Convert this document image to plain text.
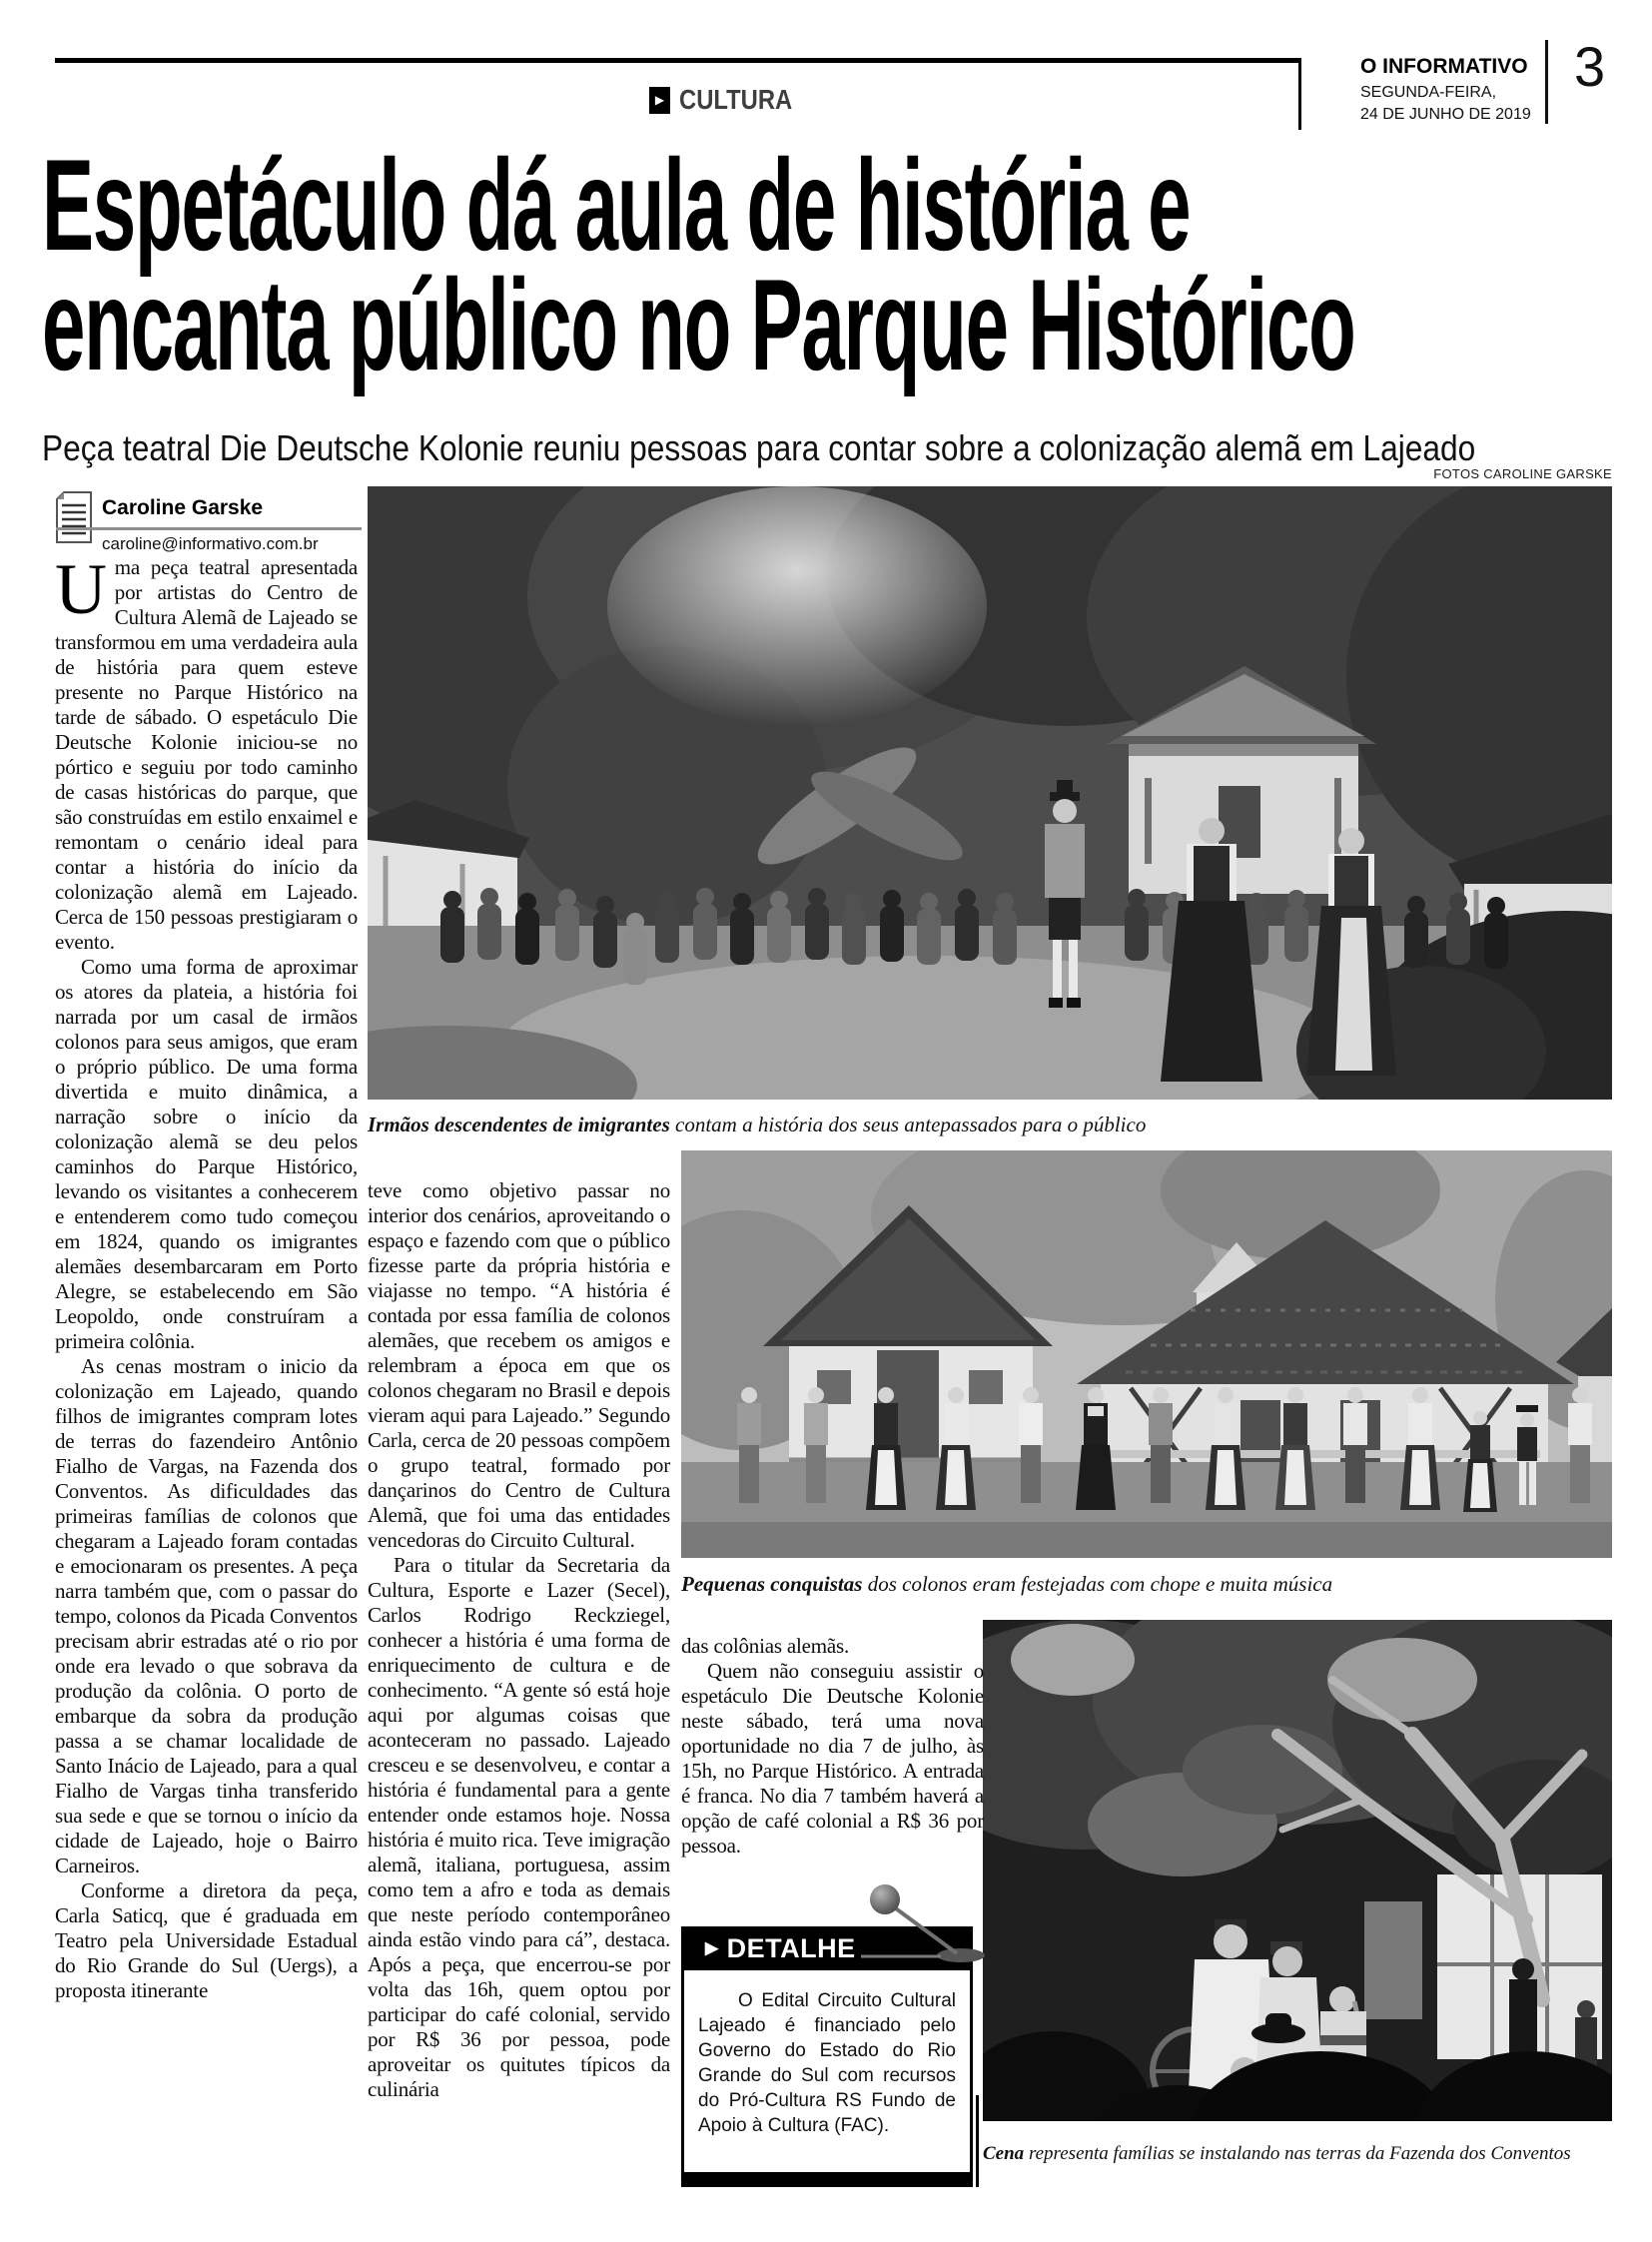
▶ CULTURA
O INFORMATIVO
SEGUNDA-FEIRA,
24 DE JUNHO DE 2019
3
Espetáculo dá aula de história e
encanta público no Parque Histórico
Peça teatral Die Deutsche Kolonie reuniu pessoas para contar sobre a colonização alemã em Lajeado
Caroline Garske
caroline@informativo.com.br
FOTOS CAROLINE GARSKE
Irmãos descendentes de imigrantes contam a história dos seus antepassados para o público
Pequenas conquistas dos colonos eram festejadas com chope e muita música
Cena representa famílias se instalando nas terras da Fazenda dos Conventos

Uma peça teatral apresentada por artistas do Centro de Cultura Alemã de Lajeado se transformou em uma verdadeira aula de história para quem esteve presente no Parque Histórico na tarde de sábado. O espetáculo Die Deutsche Kolonie iniciou-se no pórtico e seguiu por todo caminho de casas históricas do parque, que são construídas em estilo enxaimel e remontam o cenário ideal para contar a história do início da colonização alemã em Lajeado. Cerca de 150 pessoas prestigiaram o evento.

Como uma forma de aproximar os atores da plateia, a história foi narrada por um casal de irmãos colonos para seus amigos, que eram o próprio público. De uma forma divertida e muito dinâmica, a narração sobre o início da colonização alemã se deu pelos caminhos do Parque Histórico, levando os visitantes a conhecerem e entenderem como tudo começou em 1824, quando os imigrantes alemães desembarcaram em Porto Alegre, se estabelecendo em São Leopoldo, onde construíram a primeira colônia.

As cenas mostram o inicio da colonização em Lajeado, quando filhos de imigrantes compram lotes de terras do fazendeiro Antônio Fialho de Vargas, na Fazenda dos Conventos. As dificuldades das primeiras famílias de colonos que chegaram a Lajeado foram contadas e emocionaram os presentes. A peça narra também que, com o passar do tempo, colonos da Picada Conventos precisam abrir estradas até o rio por onde era levado o que sobrava da produção da colônia. O porto de embarque da sobra da produção passa a se chamar localidade de Santo Inácio de Lajeado, para a qual Fialho de Vargas tinha transferido sua sede e que se tornou o início da cidade de Lajeado, hoje o Bairro Carneiros.

Conforme a diretora da peça, Carla Saticq, que é graduada em Teatro pela Universidade Estadual do Rio Grande do Sul (Uergs), a proposta itinerante

teve como objetivo passar no interior dos cenários, aproveitando o espaço e fazendo com que o público fizesse parte da própria história e viajasse no tempo. “A história é contada por essa família de colonos alemães, que recebem os amigos e relembram a época em que os colonos chegaram no Brasil e depois vieram aqui para Lajeado.” Segundo Carla, cerca de 20 pessoas compõem o grupo teatral, formado por dançarinos do Centro de Cultura Alemã, que foi uma das entidades vencedoras do Circuito Cultural.

Para o titular da Secretaria da Cultura, Esporte e Lazer (Secel), Carlos Rodrigo Reckziegel, conhecer a história é uma forma de enriquecimento de cultura e de conhecimento. “A gente só está hoje aqui por algumas coisas que aconteceram no passado. Lajeado cresceu e se desenvolveu, e contar a história é fundamental para a gente entender onde estamos hoje. Nossa história é muito rica. Teve imigração alemã, italiana, portuguesa, assim como tem a afro e toda as demais que neste período contemporâneo ainda estão vindo para cá”, destaca. Após a peça, que encerrou-se por volta das 16h, quem optou por participar do café colonial, servido por R$ 36 por pessoa, pode aproveitar os quitutes típicos da culinária

das colônias alemãs.

Quem não conseguiu assistir o espetáculo Die Deutsche Kolonie neste sábado, terá uma nova oportunidade no dia 7 de julho, às 15h, no Parque Histórico. A entrada é franca. No dia 7 também haverá a opção de café colonial a R$ 36 por pessoa.

▶ DETALHE
O Edital Circuito Cultural Lajeado é financiado pelo Governo do Estado do Rio Grande do Sul com recursos do Pró-Cultura RS Fundo de Apoio à Cultura (FAC).
